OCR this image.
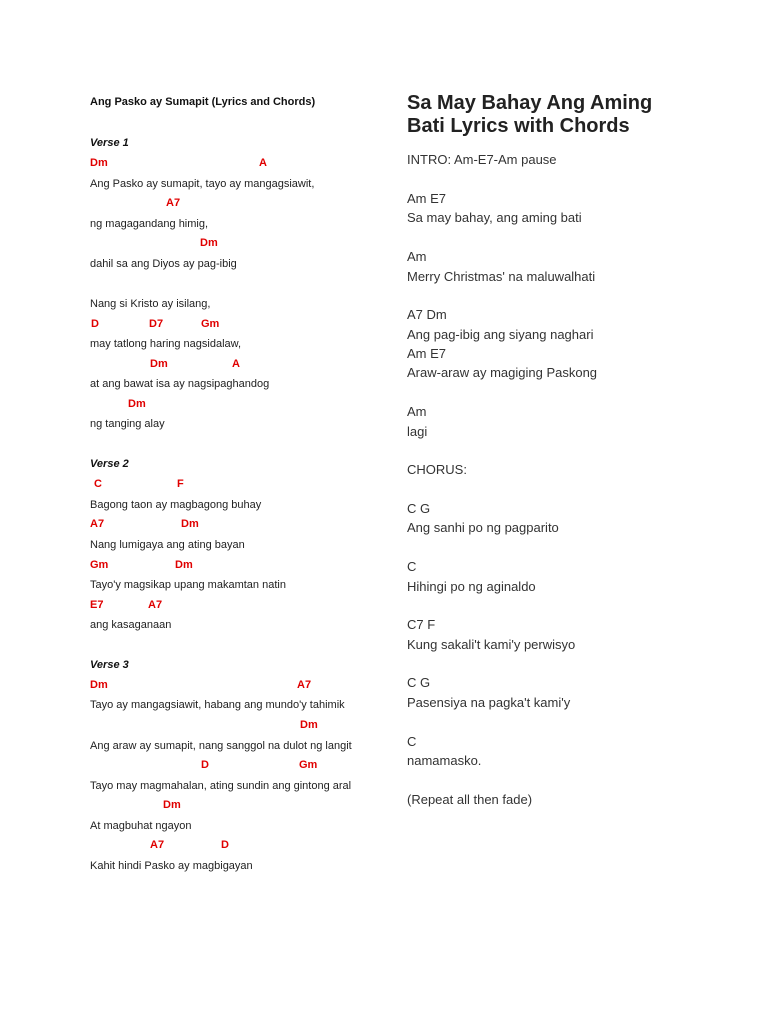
Ang Pasko ay Sumapit (Lyrics and Chords)
Verse 1
Dm	A
Ang Pasko ay sumapit, tayo ay mangagsiawit,
A7
ng magagandang himig,
Dm
dahil sa ang Diyos ay pag-ibig
Nang si Kristo ay isilang,
D	D7	Gm
may tatlong haring nagsidalaw,
Dm	A
at ang bawat isa ay nagsipaghandog
Dm
ng tanging alay
Verse 2
C	F
Bagong taon ay magbagong buhay
A7	Dm
Nang lumigaya ang ating bayan
Gm	Dm
Tayo'y magsikap upang makamtan natin
E7	A7
ang kasaganaan
Verse 3
Dm	A7
Tayo ay mangagsiawit, habang ang mundo'y tahimik
Dm
Ang araw ay sumapit, nang sanggol na dulot ng langit
D	Gm
Tayo may magmahalan, ating sundin ang gintong aral
Dm
At magbuhat ngayon
A7	D
Kahit hindi Pasko ay magbigayan
Sa May Bahay Ang Aming
Bati Lyrics with Chords
INTRO: Am-E7-Am pause
Am E7
Sa may bahay, ang aming bati
Am
Merry Christmas' na maluwalhati
A7 Dm
Ang pag-ibig ang siyang naghari
Am E7
Araw-araw ay magiging Paskong
Am
lagi
CHORUS:
C G
Ang sanhi po ng pagparito
C
Hihingi po ng aginaldo
C7 F
Kung sakali't kami'y perwisyo
C G
Pasensiya na pagka't kami'y
C
namamasko.
(Repeat all then fade)
